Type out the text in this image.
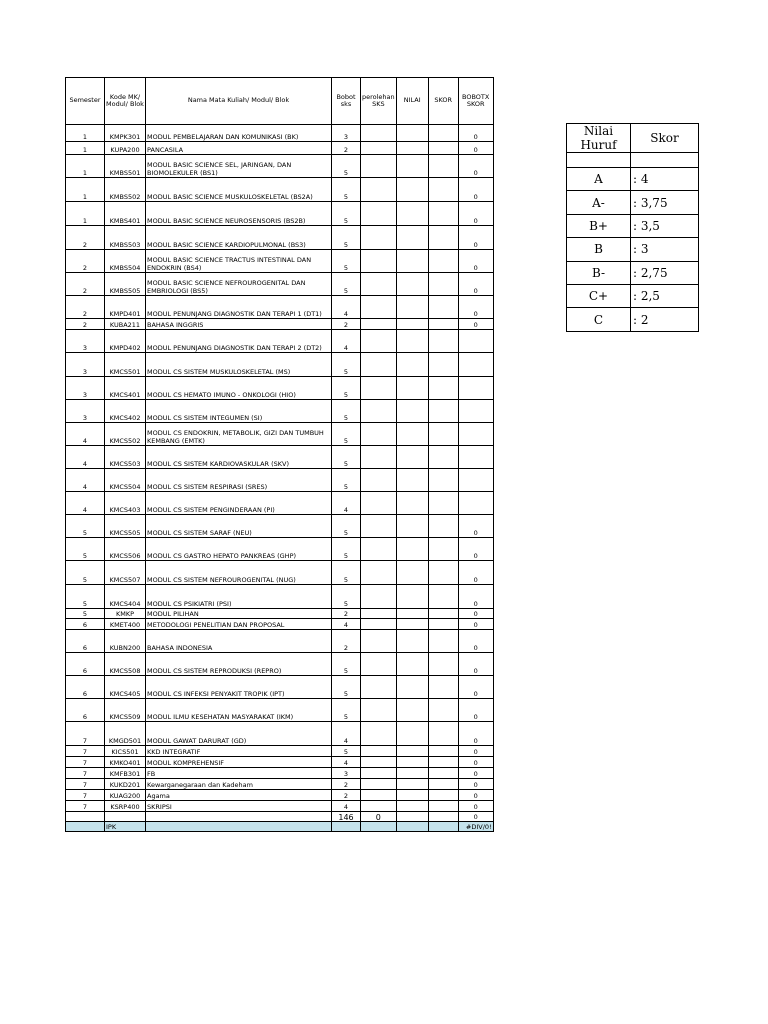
Semester	Kode MK/ Modul/ Blok	Nama Mata Kuliah/ Modul/ Blok	Bobot sks	perolehan SKS	NILAI	SKOR	BOBOTX SKOR
1	KMPK301	MODUL PEMBELAJARAN DAN KOMUNIKASI (BK)	3				0
1	KUPA200	PANCASILA	2				0
1	KMBS501	MODUL BASIC SCIENCE SEL, JARINGAN, DAN BIOMOLEKULER (BS1)	5				0
1	KMBS502	MODUL BASIC SCIENCE MUSKULOSKELETAL (BS2A)	5				0
1	KMBS401	MODUL BASIC SCIENCE NEUROSENSORIS (BS2B)	5				0
2	KMBS503	MODUL BASIC SCIENCE KARDIOPULMONAL (BS3)	5				0
2	KMBS504	MODUL BASIC SCIENCE TRACTUS INTESTINAL DAN ENDOKRIN (BS4)	5				0
2	KMBS505	MODUL BASIC SCIENCE NEFROUROGENITAL DAN EMBRIOLOGI (BS5)	5				0
2	KMPD401	MODUL PENUNJANG DIAGNOSTIK DAN TERAPI 1 (DT1)	4				0
2	KUBA211	BAHASA INGGRIS	2				0
3	KMPD402	MODUL PENUNJANG DIAGNOSTIK DAN TERAPI 2 (DT2)	4				
3	KMCS501	MODUL CS SISTEM MUSKULOSKELETAL (MS)	5				
3	KMCS401	MODUL CS HEMATO IMUNO - ONKOLOGI (HIO)	5				
3	KMCS402	MODUL CS SISTEM INTEGUMEN (SI)	5				
4	KMCS502	MODUL CS ENDOKRIN, METABOLIK, GIZI DAN TUMBUH KEMBANG (EMTK)	5				
4	KMCS503	MODUL CS SISTEM KARDIOVASKULAR (SKV)	5				
4	KMCS504	MODUL CS SISTEM RESPIRASI (SRES)	5				
4	KMCS403	MODUL CS SISTEM PENGINDERAAN (PI)	4				
5	KMCS505	MODUL CS SISTEM SARAF (NEU)	5				0
5	KMCS506	MODUL CS GASTRO HEPATO PANKREAS (GHP)	5				0
5	KMCS507	MODUL CS SISTEM NEFROUROGENITAL (NUG)	5				0
5	KMCS404	MODUL CS PSIKIATRI (PSI)	5				0
5	KMKP	MODUL PILIHAN	2				0
6	KMET400	METODOLOGI PENELITIAN DAN PROPOSAL	4				0
6	KUBN200	BAHASA INDONESIA	2				0
6	KMCS508	MODUL CS SISTEM REPRODUKSI (REPRO)	5				0
6	KMCS405	MODUL CS INFEKSI PENYAKIT TROPIK (IPT)	5				0
6	KMCS509	MODUL ILMU KESEHATAN MASYARAKAT (IKM)	5				0
7	KMGD501	MODUL GAWAT DARURAT (GD)	4				0
7	KICS501	KKD INTEGRATIF	5				0
7	KMKO401	MODUL KOMPREHENSIF	4				0
7	KMFB301	FB	3				0
7	KUKD201	Kewarganegaraan dan Kadeham	2				0
7	KUAG200	Agama	2				0
7	KSRP400	SKRIPSI	4				0
			146	0			0
	IPK						#DIV/0!
Nilai Huruf	Skor

A	: 4
A-	: 3,75
B+	: 3,5
B	: 3
B-	: 2,75
C+	: 2,5
C	: 2
